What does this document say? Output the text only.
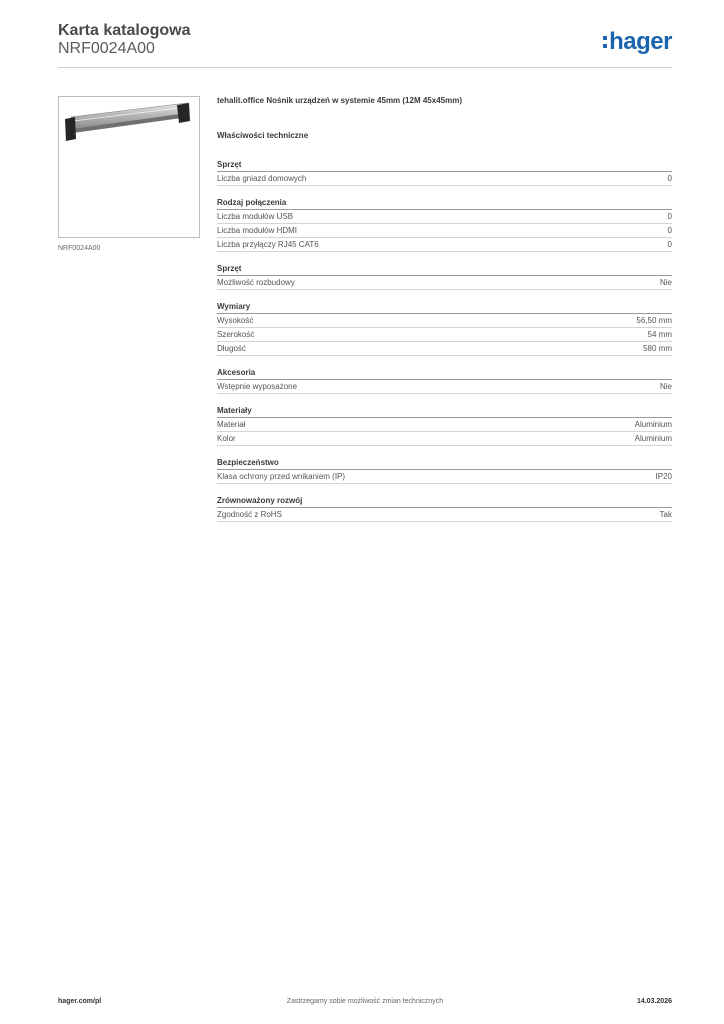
Karta katalogowa
NRF0024A00	hager
NRF0024A00
tehalit.office Nośnik urządzeń w systemie 45mm (12M 45x45mm)
Właściwości techniczne
Sprzęt
Liczba gniazd domowych	0
Rodzaj połączenia
Liczba modułów USB	0
Liczba modułów HDMI	0
Liczba przyłączy RJ45 CAT6	0
Sprzęt
Możliwość rozbudowy	Nie
Wymiary
Wysokość	56,50 mm
Szerokość	54 mm
Długość	580 mm
Akcesoria
Wstępnie wyposażone	Nie
Materiały
Materiał	Aluminium
Kolor	Aluminium
Bezpieczeństwo
Klasa ochrony przed wnikaniem (IP)	IP20
Zrównoważony rozwój
Zgodność z RoHS	Tak
hager.com/pl	Zastrzegamy sobie możliwość zmian technicznych	14.03.2026
